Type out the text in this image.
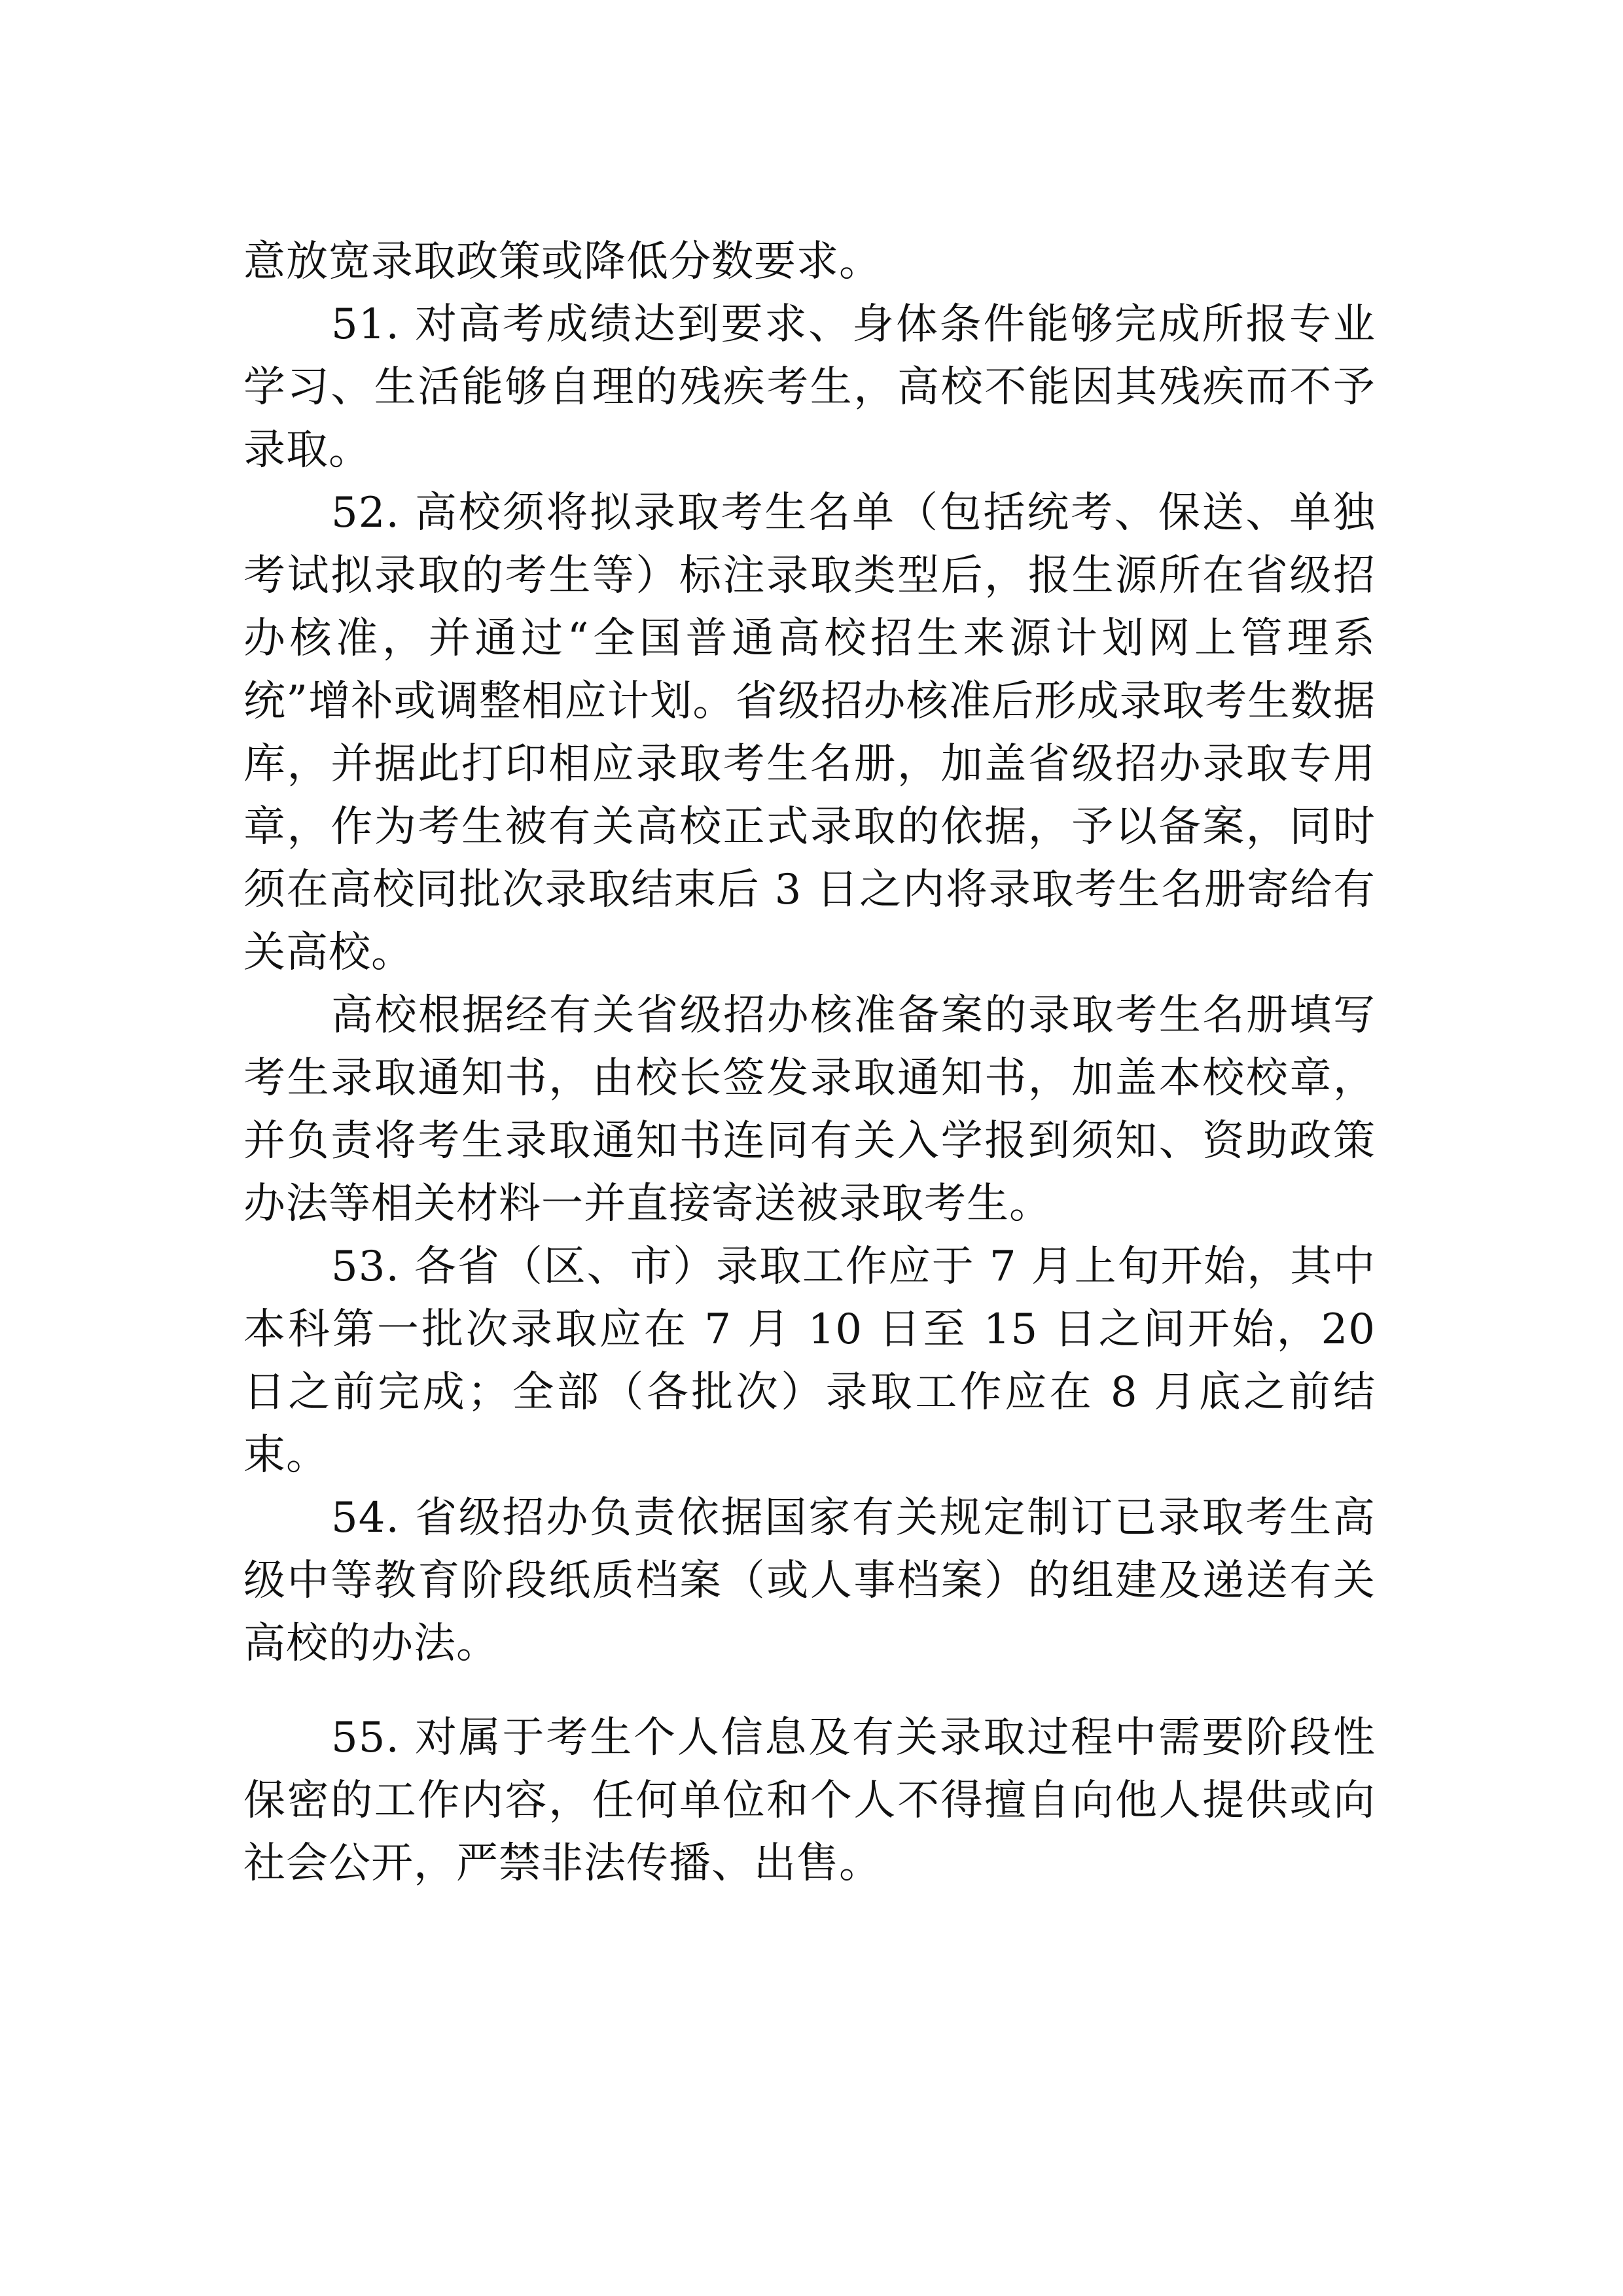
意放宽录取政策或降低分数要求。

51. 对高考成绩达到要求、身体条件能够完成所报专业学习、生活能够自理的残疾考生，高校不能因其残疾而不予录取。

52. 高校须将拟录取考生名单（包括统考、保送、单独考试拟录取的考生等）标注录取类型后，报生源所在省级招办核准，并通过“全国普通高校招生来源计划网上管理系统”增补或调整相应计划。省级招办核准后形成录取考生数据库，并据此打印相应录取考生名册，加盖省级招办录取专用章，作为考生被有关高校正式录取的依据，予以备案，同时须在高校同批次录取结束后 3 日之内将录取考生名册寄给有关高校。

高校根据经有关省级招办核准备案的录取考生名册填写考生录取通知书，由校长签发录取通知书，加盖本校校章，并负责将考生录取通知书连同有关入学报到须知、资助政策办法等相关材料一并直接寄送被录取考生。

53. 各省（区、市）录取工作应于 7 月上旬开始，其中本科第一批次录取应在 7 月 10 日至 15 日之间开始，20 日之前完成；全部（各批次）录取工作应在 8 月底之前结束。

54. 省级招办负责依据国家有关规定制订已录取考生高级中等教育阶段纸质档案（或人事档案）的组建及递送有关高校的办法。

55. 对属于考生个人信息及有关录取过程中需要阶段性保密的工作内容，任何单位和个人不得擅自向他人提供或向社会公开，严禁非法传播、出售。
